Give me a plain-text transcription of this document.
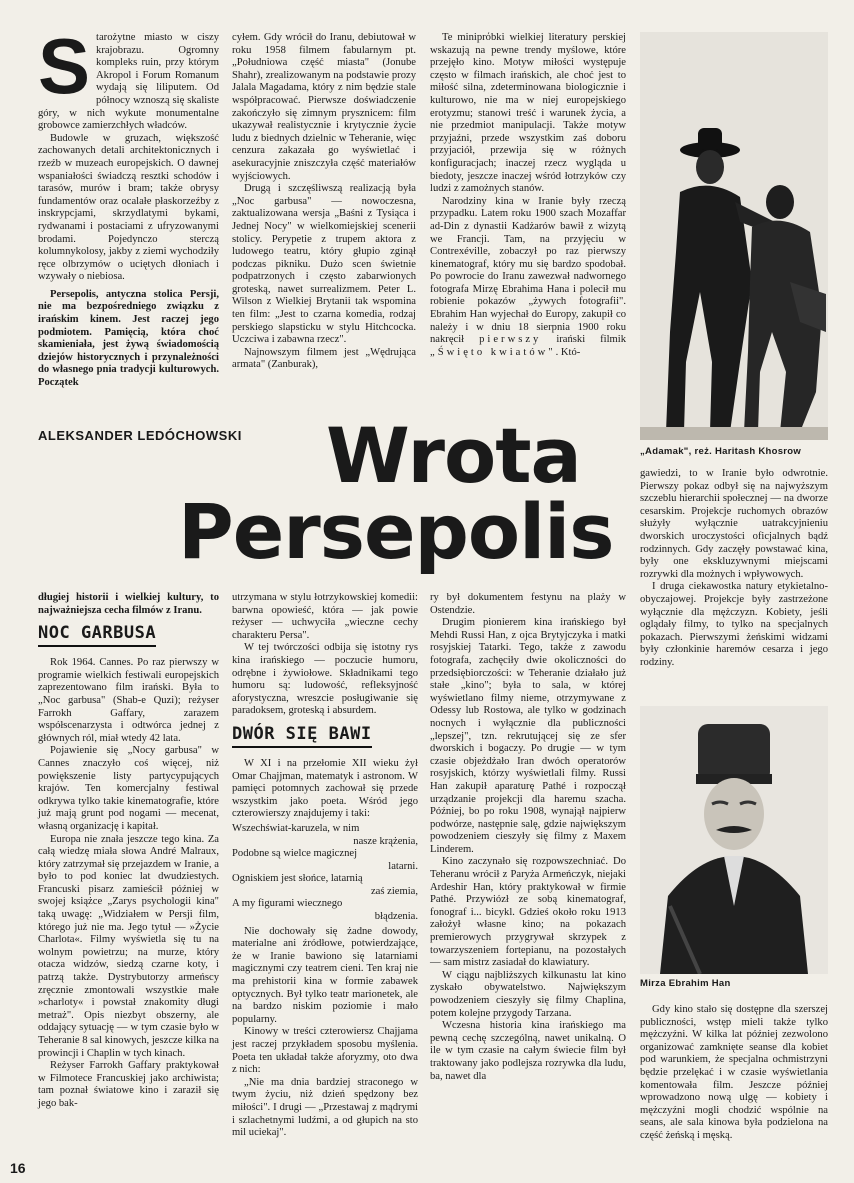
S tarożytne miasto w ciszy krajobrazu. Ogromny kompleks ruin, przy którym Akropol i Forum Romanum wydają się liliputem. Od północy wznoszą się skaliste góry, w nich wykute monumentalne grobowce zamierzchłych władców.

Budowle w gruzach, większość zachowanych detali architektonicznych i rzeźb w muzeach europejskich. O dawnej wspaniałości świadczą resztki schodów i tarasów, murów i bram; także obrysy fundamentów oraz ocalałe płaskorzeźby z inskrypcjami, skrzydlatymi bykami, rydwanami i postaciami z ufryzowanymi brodami. Pojedynczo sterczą kolumnykolosy, jakby z ziemi wychodziły ręce olbrzymów o uciętych dłoniach i wzywały o niebiosa.

Persepolis, antyczna stolica Persji, nie ma bezpośredniego związku z irańskim kinem. Jest raczej jego podmiotem. Pamięcią, która choć skamieniała, jest żywą świadomością dziejów historycznych i przynależności do własnego pnia tradycji kulturowych. Początek

cyłem. Gdy wrócił do Iranu, debiutował w roku 1958 filmem fabularnym pt. „Południowa część miasta" (Jonube Shahr), zrealizowanym na podstawie prozy Jalala Magadama, który z nim będzie stale współpracować. Pierwsze doświadczenie zakończyło się zimnym prysznicem: film ukazywał realistycznie i krytycznie życie ludu z biednych dzielnic w Teheranie, więc cenzura zakazała go wyświetlać i asekuracyjnie zniszczyła część materiałów wyjściowych.

Drugą i szczęśliwszą realizacją była „Noc garbusa" — nowoczesna, zaktualizowana wersja „Baśni z Tysiąca i Jednej Nocy" w wielkomiejskiej scenerii stolicy. Perypetie z trupem aktora z ludowego teatru, który głupio zginął podczas pikniku. Dużo scen świetnie podpatrzonych i często zabarwionych groteską, nawet surrealizmem. Peter L. Wilson z Wielkiej Brytanii tak wspomina ten film: „Jest to czarna komedia, rodzaj perskiego slapsticku w stylu Hitchcocka. Uczciwa i zabawna rzecz".

Najnowszym filmem jest „Wędrująca armata" (Zanburak),

Te miniprόbki wielkiej literatury perskiej wskazują na pewne trendy myślowe, które przejęło kino. Motyw miłości występuje często w filmach irańskich, ale choć jest to miłość silna, zdeterminowana biologicznie i kulturowo, nie ma w niej europejskiego erotyzmu; stanowi treść i warunek życia, a nie przedmiot manipulacji. Także motyw przyjaźni, przede wszystkim zaś doboru przyjaciół, przewija się w różnych konfiguracjach; inaczej rzecz wygląda u biedoty, jeszcze inaczej wśród łotrzyków czy ludzi z zamożnych stanów.

Narodziny kina w Iranie były rzeczą przypadku. Latem roku 1900 szach Mozaffar ad-Din z dynastii Kadżarów bawił z wizytą we Francji. Tam, na przyjęciu w Contrexéville, zobaczył po raz pierwszy kinematograf, który mu się bardzo spodobał. Po powrocie do Iranu zawezwał nadwornego fotografa Mirzę Ebrahima Hana i polecił mu robienie pokazów „żywych fotografii". Ebrahim Han wyjechał do Europy, zakupił co należy i w dniu 18 sierpnia 1900 roku nakręcił pierwszy irański filmik „Święto kwiatów". Któ-

„Adamak", reż. Haritash Khosrow
ALEKSANDER LEDÓCHOWSKI Wrota
Persepolis

gawiedzi, to w Iranie było odwrotnie. Pierwszy pokaz odbył się na najwyższym szczeblu hierarchii społecznej — na dworze cesarskim. Projekcje ruchomych obrazów służyły wyłącznie uatrakcyjnieniu dworskich uroczystości oficjalnych bądź rodzinnych. Gdy zaczęły powstawać kina, były one ekskluzywnymi miejscami rozrywki dla możnych i wpływowych.

I druga ciekawostka natury etykietalno-obyczajowej. Projekcje były zastrzeżone wyłącznie dla mężczyzn. Kobiety, jeśli oglądały filmy, to tylko na specjalnych pokazach. Pierwszymi żeńskimi widzami były członkinie haremów cesarza i jego rodziny.

Mirza Ebrahim Han

Gdy kino stało się dostępne dla szerszej publiczności, wstęp mieli także tylko mężczyźni. W kilka lat później zezwolono organizować zamknięte seanse dla kobiet pod warunkiem, że specjalna ochmistrzyni będzie przelękać i w czasie wyświetlania komentowała film. Jeszcze później wprowadzono nową ulgę — kobiety i mężczyźni mogli chodzić wspólnie na seans, ale sala kinowa była podzielona na część żeńską i męską.

długiej historii i wielkiej kultury, to najważniejsza cecha filmów z Iranu.

NOC GARBUSA

Rok 1964. Cannes. Po raz pierwszy w programie wielkich festiwali europejskich zaprezentowano film irański. Była to „Noc garbusa" (Shab-e Quzi); reżyser Farrokh Gaffary, zarazem współscenarzysta i odtwórca jednej z głównych ról, miał wtedy 42 lata.

Pojawienie się „Nocy garbusa" w Cannes znaczyło coś więcej, niż powiększenie listy partycypujących krajów. Ten komercjalny festiwal odkrywa tylko takie kinematografie, które już mają grunt pod nogami — mecenat, własną organizację i kapitał.

Europa nie znała jeszcze tego kina. Za całą wiedzę miała słowa André Malraux, który zatrzymał się przejazdem w Iranie, a było to pod koniec lat dwudziestych. Francuski pisarz zamieścił później w swojej książce „Zarys psychologii kina" taką uwagę: „Widziałem w Persji film, którego już nie ma. Jego tytuł — »Życie Charlota«. Filmy wyświetla się tu na wolnym powietrzu; na murze, który otacza widzów, siedzą czarne koty, i patrzą także. Dystrybutorzy armeńscy zręcznie zmontowali wszystkie małe »charloty« i powstał znakomity długi metraż". Opis niezbyt obszerny, ale oddający sytuację — w tym czasie było w Teheranie 8 sal kinowych, jeszcze kilka na prowincji i Chaplin w tych kinach.

Reżyser Farrokh Gaffary praktykował w Filmotece Francuskiej jako archiwista; tam poznał światowe kino i zaraził się jego bak-

utrzymana w stylu łotrzykowskiej komedii: barwna opowieść, która — jak powie reżyser — uchwyciła „wieczne cechy charakteru Persa".

W tej twórczości odbija się istotny rys kina irańskiego — poczucie humoru, odrębne i żywiołowe. Składnikami tego humoru są: ludowość, refleksyjność aforystyczna, wreszcie posługiwanie się paradoksem, groteską i absurdem.

DWÓR SIĘ BAWI

W XI i na przełomie XII wieku żył Omar Chajjman, matematyk i astronom. W pamięci potomnych zachował się przede wszystkim jako poeta. Wśród jego czterowierszy znajdujemy i taki:

Wszechświat-karuzela, w nim
nasze krążenia,
Podobne są wielce magicznej
latarni.
Ogniskiem jest słońce, latarnią
zaś ziemia,
A my figurami wiecznego
błądzenia.

Nie dochowały się żadne dowody, materialne ani źródłowe, potwierdzające, że w Iranie bawiono się latarniami magicznymi czy teatrem cieni. Ten kraj nie ma prehistorii kina w formie zabawek optycznych. Był tylko teatr marionetek, ale na bardzo niskim poziomie i mało popularny.

Kinowy w treści czterowiersz Chajjama jest raczej przykładem sposobu myślenia. Poeta ten układał także aforyzmy, oto dwa z nich:

„Nie ma dnia bardziej straconego w twym życiu, niż dzień spędzony bez miłości". I drugi — „Przestawaj z mądrymi i szlachetnymi ludźmi, a od głupich na sto mil uciekaj".

ry był dokumentem festynu na plaży w Ostendzie.

Drugim pionierem kina irańskiego był Mehdi Russi Han, z ojca Brytyjczyka i matki rosyjskiej Tatarki. Tego, także z zawodu fotografa, zachęciły dwie okoliczności do przedsiębiorczości: w Teheranie działało już stałe „kino"; była to sala, w której wyświetlano filmy nieme, otrzymywane z Odessy lub Rostowa, ale tylko w godzinach nocnych i wyłącznie dla publiczności „lepszej", tzn. rekrutującej się ze sfer dworskich i bogaczy. Po drugie — w tym czasie objeżdżało Iran dwóch operatorów rosyjskich, którzy wyświetlali filmy. Russi Han zakupił aparaturę Pathé i rozpoczął urządzanie projekcji dla haremu szacha. Później, bo po roku 1908, wynajął najpierw podwórze, następnie salę, gdzie największym powodzeniem cieszyły się filmy z Maxem Linderem.

Kino zaczynało się rozpowszechniać. Do Teheranu wrócił z Paryża Armeńczyk, niejaki Ardeshir Han, który praktykował w firmie Pathé. Przywiózł ze sobą kinematograf, fonograf i... bicykl. Gdzieś około roku 1913 założył własne kino; na pokazach premierowych przygrywał skrzypek z towarzyszeniem fortepianu, na pozostałych — sam mistrz zasiadał do klawiatury.

W ciągu najbliższych kilkunastu lat kino zyskało obywatelstwo. Największym powodzeniem cieszyły się filmy Chaplina, potem kolejne przygody Tarzana.

Wczesna historia kina irańskiego ma pewną cechę szczególną, nawet unikalną. O ile w tym czasie na całym świecie film był traktowany jako podlejsza rozrywka dla ludu, ba, nawet dla

16
